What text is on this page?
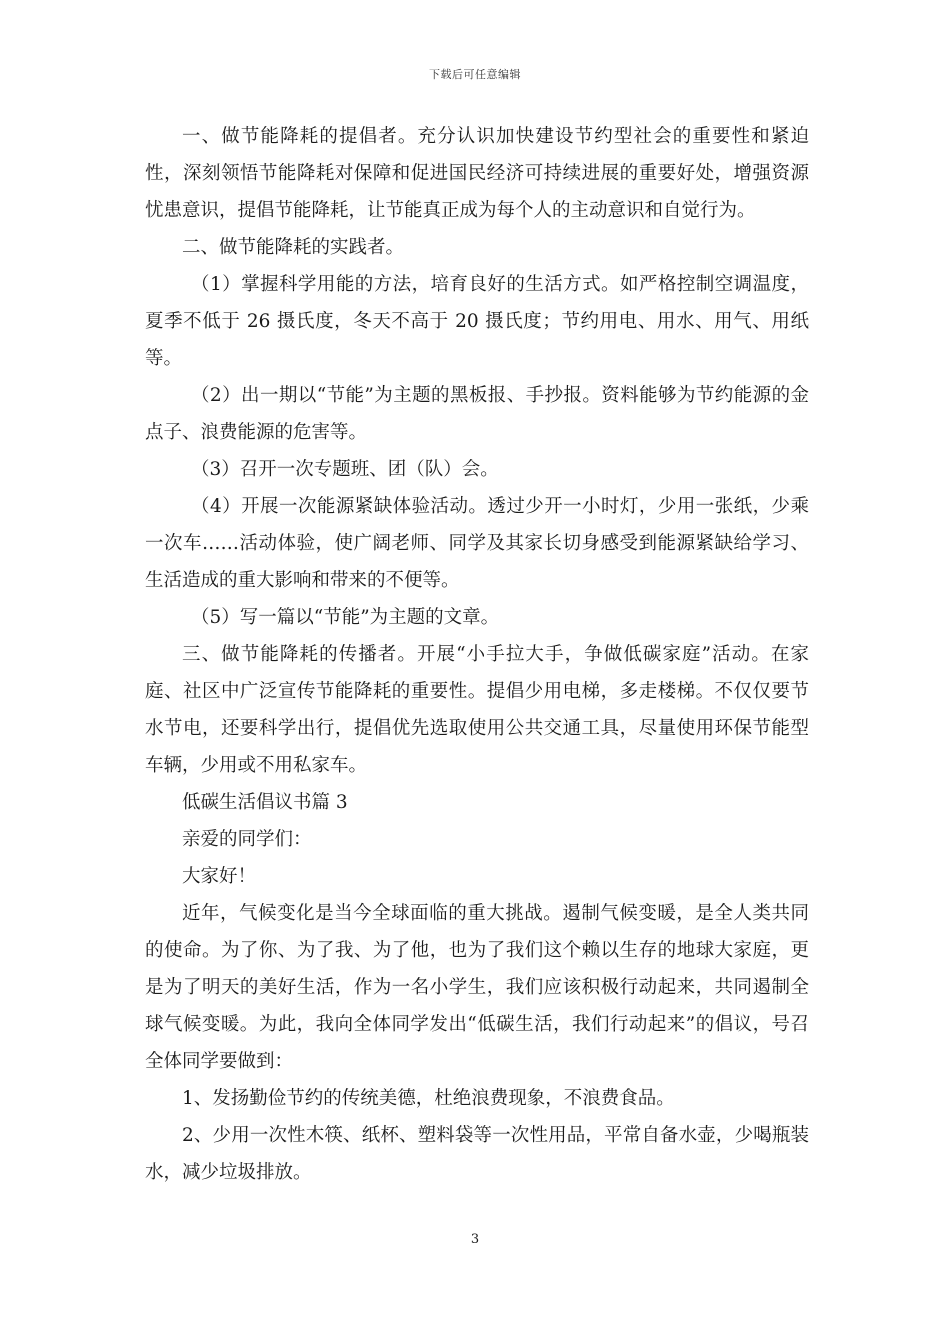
下载后可任意编辑

一、做节能降耗的提倡者。充分认识加快建设节约型社会的重要性和紧迫性，深刻领悟节能降耗对保障和促进国民经济可持续进展的重要好处，增强资源忧患意识，提倡节能降耗，让节能真正成为每个人的主动意识和自觉行为。

二、做节能降耗的实践者。

（1）掌握科学用能的方法，培育良好的生活方式。如严格控制空调温度，夏季不低于 26 摄氏度，冬天不高于 20 摄氏度；节约用电、用水、用气、用纸等。

（2）出一期以“节能”为主题的黑板报、手抄报。资料能够为节约能源的金点子、浪费能源的危害等。

（3）召开一次专题班、团（队）会。

（4）开展一次能源紧缺体验活动。透过少开一小时灯，少用一张纸，少乘一次车……活动体验，使广阔老师、同学及其家长切身感受到能源紧缺给学习、生活造成的重大影响和带来的不便等。

（5）写一篇以“节能”为主题的文章。

三、做节能降耗的传播者。开展“小手拉大手，争做低碳家庭”活动。在家庭、社区中广泛宣传节能降耗的重要性。提倡少用电梯，多走楼梯。不仅仅要节水节电，还要科学出行，提倡优先选取使用公共交通工具，尽量使用环保节能型车辆，少用或不用私家车。

低碳生活倡议书篇 3

亲爱的同学们：

大家好！

近年，气候变化是当今全球面临的重大挑战。遏制气候变暖，是全人类共同的使命。为了你、为了我、为了他，也为了我们这个赖以生存的地球大家庭，更是为了明天的美好生活，作为一名小学生，我们应该积极行动起来，共同遏制全球气候变暖。为此，我向全体同学发出“低碳生活，我们行动起来”的倡议，号召全体同学要做到：

1、发扬勤俭节约的传统美德，杜绝浪费现象，不浪费食品。

2、少用一次性木筷、纸杯、塑料袋等一次性用品，平常自备水壶，少喝瓶装水，减少垃圾排放。

3
